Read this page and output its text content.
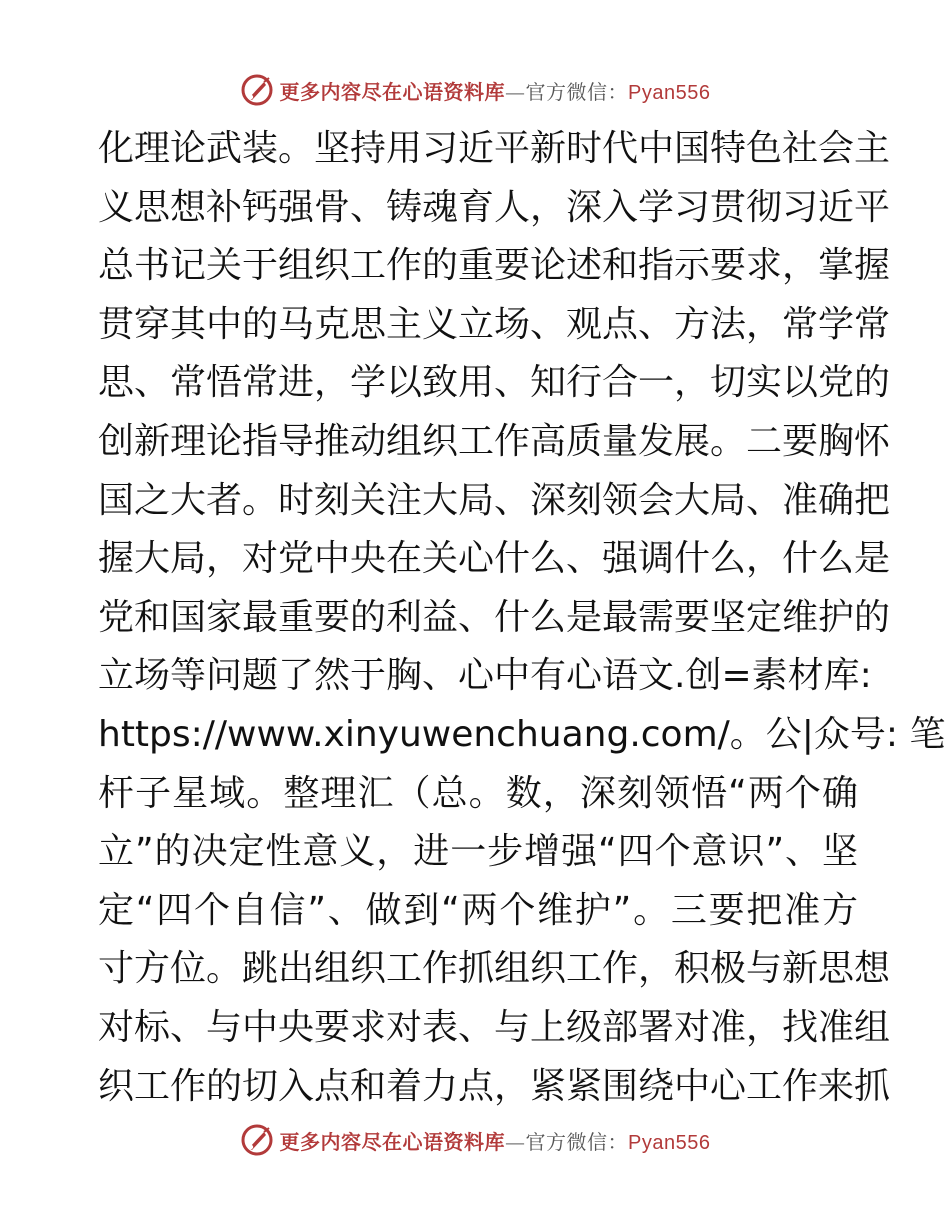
更多内容尽在心语资料库—官方微信：Pyan556
化理论武装。坚持用习近平新时代中国特色社会主
义思想补钙强骨、铸魂育人，深入学习贯彻习近平
总书记关于组织工作的重要论述和指示要求，掌握
贯穿其中的马克思主义立场、观点、方法，常学常
思、常悟常进，学以致用、知行合一，切实以党的
创新理论指导推动组织工作高质量发展。二要胸怀
国之大者。时刻关注大局、深刻领会大局、准确把
握大局，对党中央在关心什么、强调什么，什么是
党和国家最重要的利益、什么是最需要坚定维护的
立场等问题了然于胸、心中有心语文.创=素材库:
https://www.xinyuwenchuang.com/。公|众号: 笔
杆子星域。整理汇（总。数，深刻领悟“两个确
立”的决定性意义，进一步增强“四个意识”、坚
定“四个自信”、做到“两个维护”。三要把准方
寸方位。跳出组织工作抓组织工作，积极与新思想
对标、与中央要求对表、与上级部署对准，找准组
织工作的切入点和着力点，紧紧围绕中心工作来抓
更多内容尽在心语资料库—官方微信：Pyan556
